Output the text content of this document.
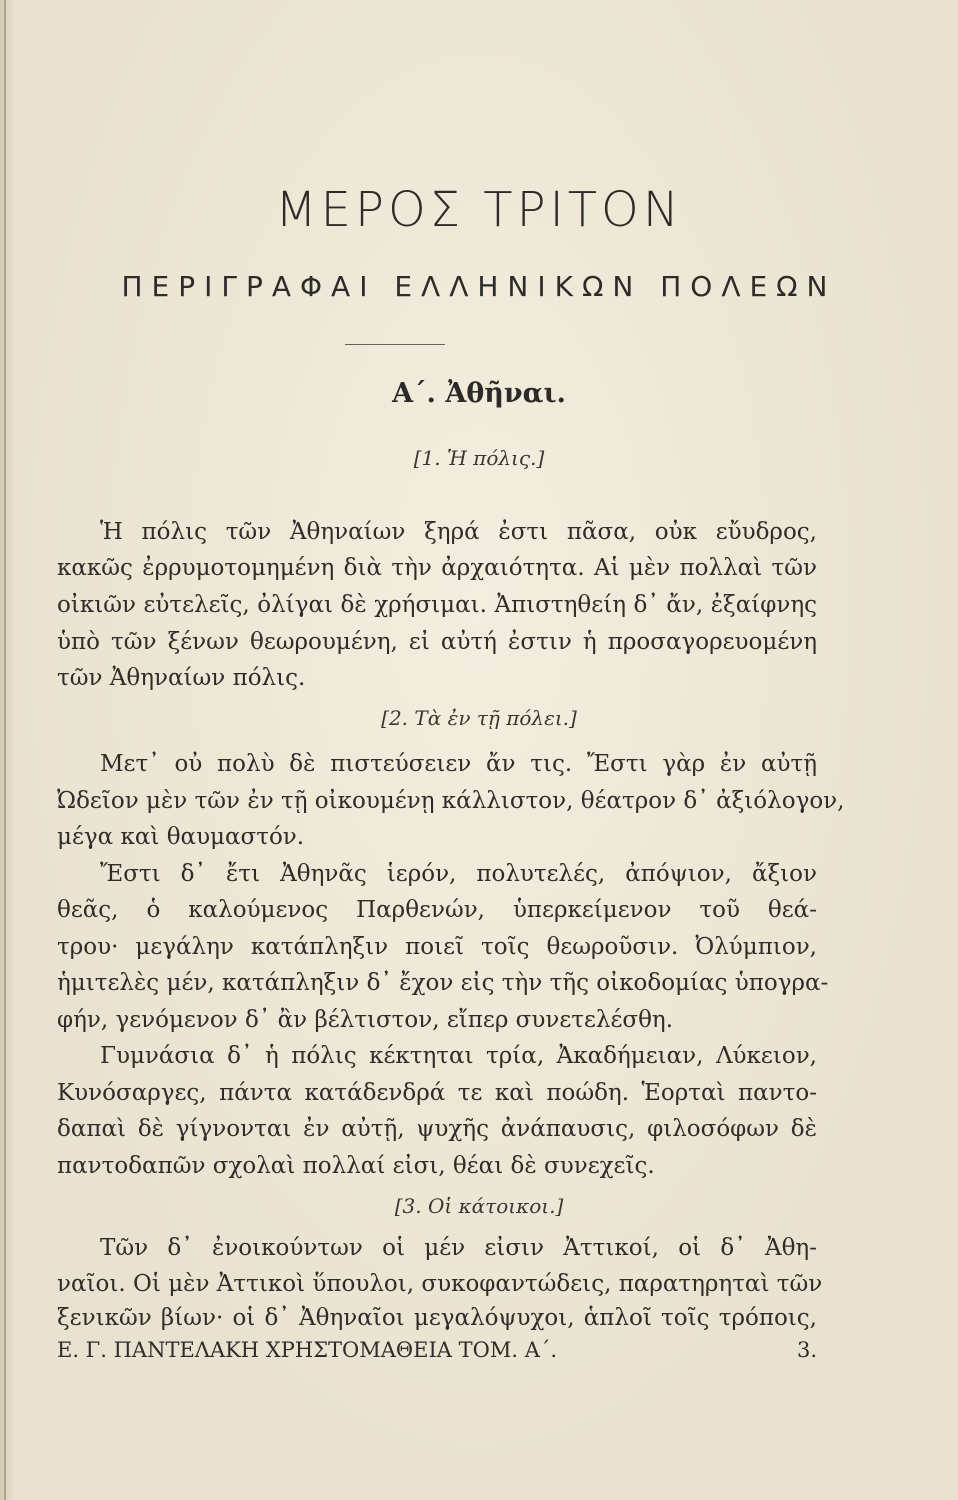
ΜΕΡΟΣ ΤΡΙΤΟΝ
ΠΕΡΙΓΡΑΦΑΙ ΕΛΛΗΝΙΚΩΝ ΠΟΛΕΩΝ
Α΄. Ἀθῆναι.
[1. Ἡ πόλις.]
Ἡ πόλις τῶν Ἀθηναίων ξηρά ἐστι πᾶσα, οὐκ εὔυδρος,
κακῶς ἐρρυμοτομημένη διὰ τὴν ἀρχαιότητα. Αἱ μὲν πολλαὶ τῶν
οἰκιῶν εὐτελεῖς, ὀλίγαι δὲ χρήσιμαι. Ἀπιστηθείη δ᾽ ἄν, ἐξαίφνης
ὑπὸ τῶν ξένων θεωρουμένη, εἰ αὐτή ἐστιν ἡ προσαγορευομένη
τῶν Ἀθηναίων πόλις.
[2. Τὰ ἐν τῇ πόλει.]
Μετ᾽ οὐ πολὺ δὲ πιστεύσειεν ἄν τις. Ἔστι γὰρ ἐν αὐτῇ
Ὠδεῖον μὲν τῶν ἐν τῇ οἰκουμένῃ κάλλιστον, θέατρον δ᾽ ἀξιόλογον,
μέγα καὶ θαυμαστόν.
Ἔστι δ᾽ ἔτι Ἀθηνᾶς ἱερόν, πολυτελές, ἀπόψιον, ἄξιον
θεᾶς, ὁ καλούμενος Παρθενών, ὑπερκείμενον τοῦ θεά-
τρου· μεγάλην κατάπληξιν ποιεῖ τοῖς θεωροῦσιν. Ὀλύμπιον,
ἡμιτελὲς μέν, κατάπληξιν δ᾽ ἔχον εἰς τὴν τῆς οἰκοδομίας ὑπογρα-
φήν, γενόμενον δ᾽ ἂν βέλτιστον, εἴπερ συνετελέσθη.
Γυμνάσια δ᾽ ἡ πόλις κέκτηται τρία, Ἀκαδήμειαν, Λύκειον,
Κυνόσαργες, πάντα κατάδενδρά τε καὶ ποώδη. Ἑορταὶ παντο-
δαπαὶ δὲ γίγνονται ἐν αὐτῇ, ψυχῆς ἀνάπαυσις, φιλοσόφων δὲ
παντοδαπῶν σχολαὶ πολλαί εἰσι, θέαι δὲ συνεχεῖς.
[3. Οἱ κάτοικοι.]
Τῶν δ᾽ ἐνοικούντων οἱ μέν εἰσιν Ἀττικοί, οἱ δ᾽ Ἀθη-
ναῖοι. Οἱ μὲν Ἀττικοὶ ὕπουλοι, συκοφαντώδεις, παρατηρηταὶ τῶν
ξενικῶν βίων· οἱ δ᾽ Ἀθηναῖοι μεγαλόψυχοι, ἁπλοῖ τοῖς τρόποις,
Ε. Γ. ΠΑΝΤΕΛΑΚΗ ΧΡΗΣΤΟΜΑΘΕΙΑ ΤΟΜ. Α΄.	3.
